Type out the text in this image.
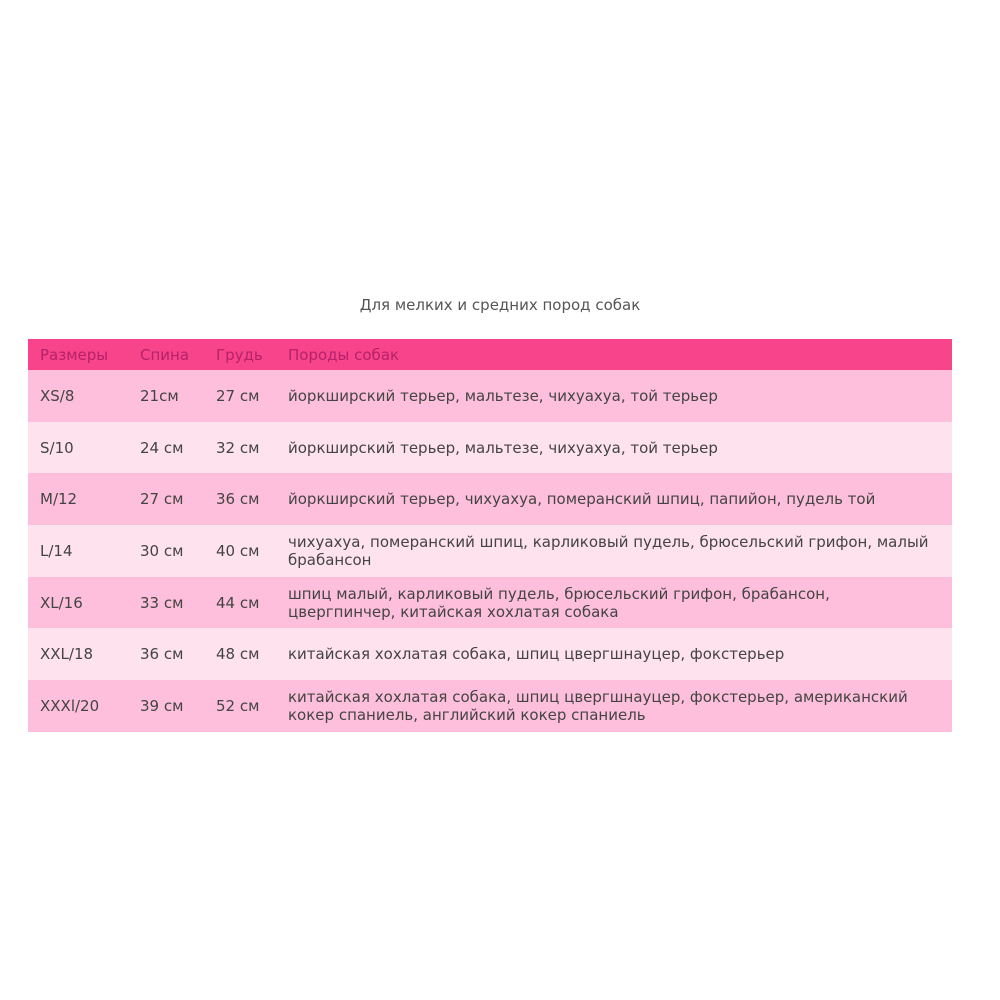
Для мелких и средних пород собак
Размеры	Спина	Грудь	Породы собак
XS/8	21см	27 см	йоркширский терьер, мальтезе, чихуахуа, той терьер
S/10	24 см	32 см	йоркширский терьер, мальтезе, чихуахуа, той терьер
M/12	27 см	36 см	йоркширский терьер, чихуахуа, померанский шпиц, папийон, пудель той
L/14	30 см	40 см	чихуахуа, померанский шпиц, карликовый пудель, брюсельский грифон, малый брабансон
XL/16	33 см	44 см	шпиц малый, карликовый пудель, брюсельский грифон, брабансон, цвергпинчер, китайская хохлатая собака
XXL/18	36 см	48 см	китайская хохлатая собака, шпиц цвергшнауцер, фокстерьер
XXXl/20	39 см	52 см	китайская хохлатая собака, шпиц цвергшнауцер, фокстерьер, американский кокер спаниель, английский кокер спаниель
